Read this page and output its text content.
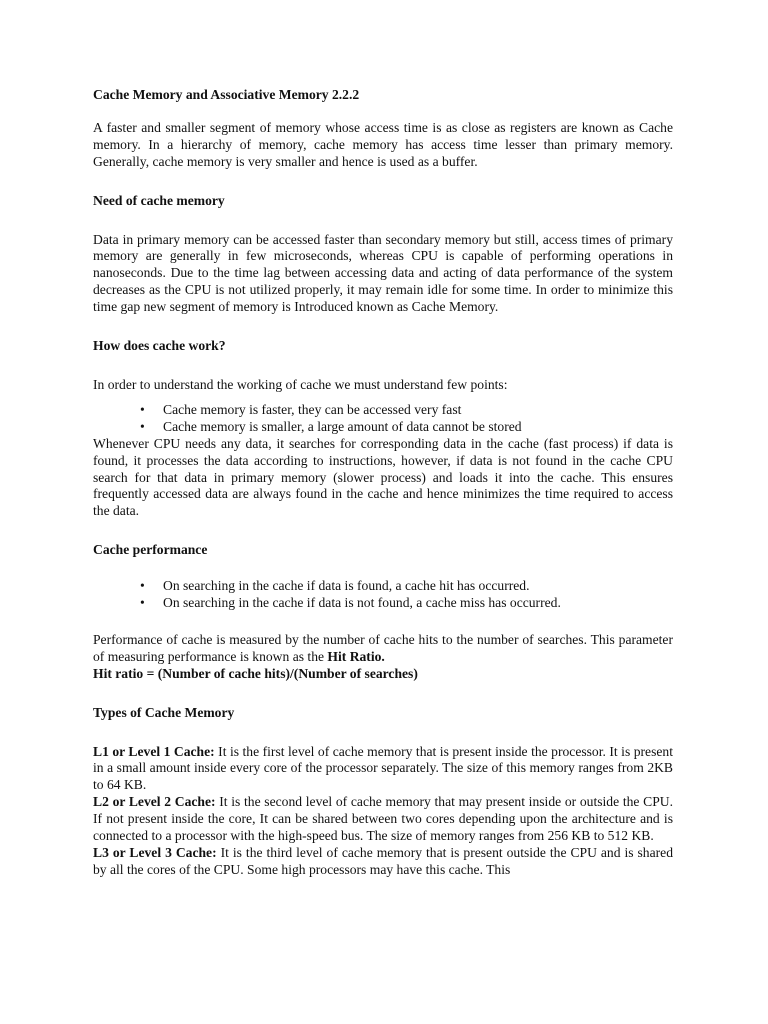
Cache Memory and Associative Memory 2.2.2

A faster and smaller segment of memory whose access time is as close as registers are known as Cache memory. In a hierarchy of memory, cache memory has access time lesser than primary memory. Generally, cache memory is very smaller and hence is used as a buffer.

Need of cache memory

Data in primary memory can be accessed faster than secondary memory but still, access times of primary memory are generally in few microseconds, whereas CPU is capable of performing operations in nanoseconds. Due to the time lag between accessing data and acting of data performance of the system decreases as the CPU is not utilized properly, it may remain idle for some time. In order to minimize this time gap new segment of memory is Introduced known as Cache Memory.

How does cache work?

In order to understand the working of cache we must understand few points:

• Cache memory is faster, they can be accessed very fast
• Cache memory is smaller, a large amount of data cannot be stored

Whenever CPU needs any data, it searches for corresponding data in the cache (fast process) if data is found, it processes the data according to instructions, however, if data is not found in the cache CPU search for that data in primary memory (slower process) and loads it into the cache. This ensures frequently accessed data are always found in the cache and hence minimizes the time required to access the data.

Cache performance

• On searching in the cache if data is found, a cache hit has occurred.
• On searching in the cache if data is not found, a cache miss has occurred.

Performance of cache is measured by the number of cache hits to the number of searches. This parameter of measuring performance is known as the Hit Ratio.

Hit ratio = (Number of cache hits)/(Number of searches)

Types of Cache Memory

L1 or Level 1 Cache: It is the first level of cache memory that is present inside the processor. It is present in a small amount inside every core of the processor separately. The size of this memory ranges from 2KB to 64 KB.

L2 or Level 2 Cache: It is the second level of cache memory that may present inside or outside the CPU. If not present inside the core, It can be shared between two cores depending upon the architecture and is connected to a processor with the high-speed bus. The size of memory ranges from 256 KB to 512 KB.

L3 or Level 3 Cache: It is the third level of cache memory that is present outside the CPU and is shared by all the cores of the CPU. Some high processors may have this cache. This
